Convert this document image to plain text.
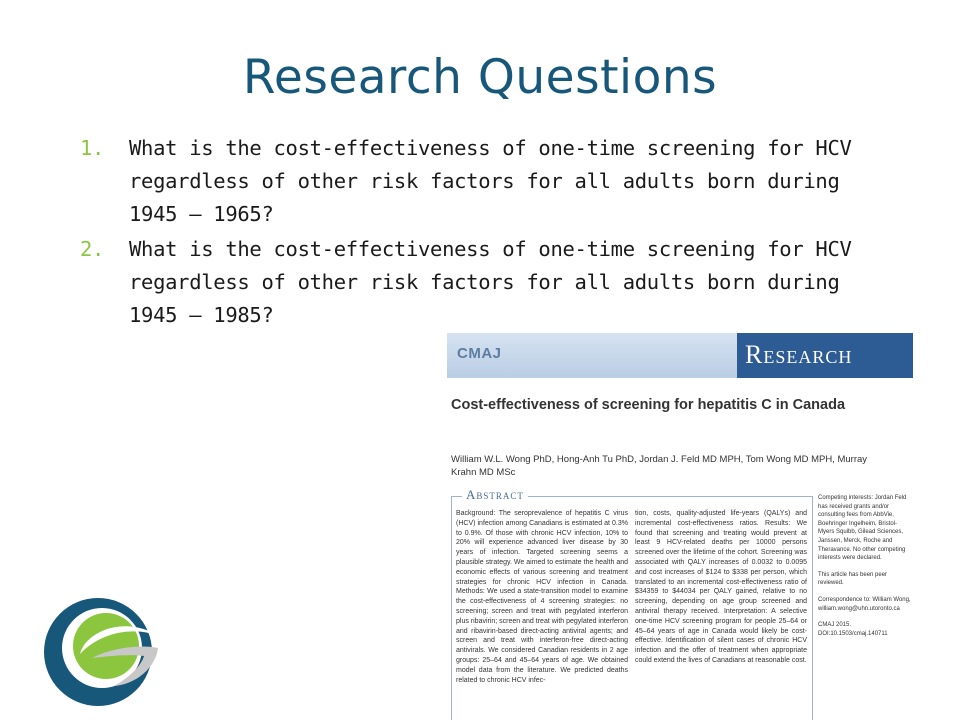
Research Questions
1. What is the cost-effectiveness of one-time screening for HCV regardless of other risk factors for all adults born during 1945 – 1965?
2. What is the cost-effectiveness of one-time screening for HCV regardless of other risk factors for all adults born during 1945 – 1985?
CMAJ	Research
Cost-effectiveness of screening for hepatitis C in Canada
William W.L. Wong PhD, Hong-Anh Tu PhD, Jordan J. Feld MD MPH, Tom Wong MD MPH, Murray Krahn MD MSc
Abstract
Background: The seroprevalence of hepatitis C virus (HCV) infection among Canadians is estimated at 0.3% to 0.9%. Of those with chronic HCV infection, 10% to 20% will experience advanced liver disease by 30 years of infection. Targeted screening seems a plausible strategy. We aimed to estimate the health and economic effects of various screening and treatment strategies for chronic HCV infection in Canada. Methods: We used a state-transition model to examine the cost-effectiveness of 4 screening strategies: no screening; screen and treat with pegylated interferon plus ribavirin; screen and treat with pegylated interferon and ribavirin-based direct-acting antiviral agents; and screen and treat with interferon-free direct-acting antivirals. We considered Canadian residents in 2 age groups: 25–64 and 45–64 years of age. We obtained model data from the literature. We predicted deaths related to chronic HCV infec-
tion, costs, quality-adjusted life-years (QALYs) and incremental cost-effectiveness ratios. Results: We found that screening and treating would prevent at least 9 HCV-related deaths per 10000 persons screened over the lifetime of the cohort. Screening was associated with QALY increases of 0.0032 to 0.0095 and cost increases of $124 to $338 per person, which translated to an incremental cost-effectiveness ratio of $34359 to $44034 per QALY gained, relative to no screening, depending on age group screened and antiviral therapy received. Interpretation: A selective one-time HCV screening program for people 25–64 or 45–64 years of age in Canada would likely be cost-effective. Identification of silent cases of chronic HCV infection and the offer of treatment when appropriate could extend the lives of Canadians at reasonable cost.

Competing interests: Jordan Feld has received grants and/or consulting fees from AbbVie, Boehringer Ingelheim, Bristol-Myers Squibb, Gilead Sciences, Janssen, Merck, Roche and Theravance. No other competing interests were declared.

This article has been peer reviewed.

Correspondence to: William Wong, william.wong@uhn.utoronto.ca

CMAJ 2015. DOI:10.1503/cmaj.140711
